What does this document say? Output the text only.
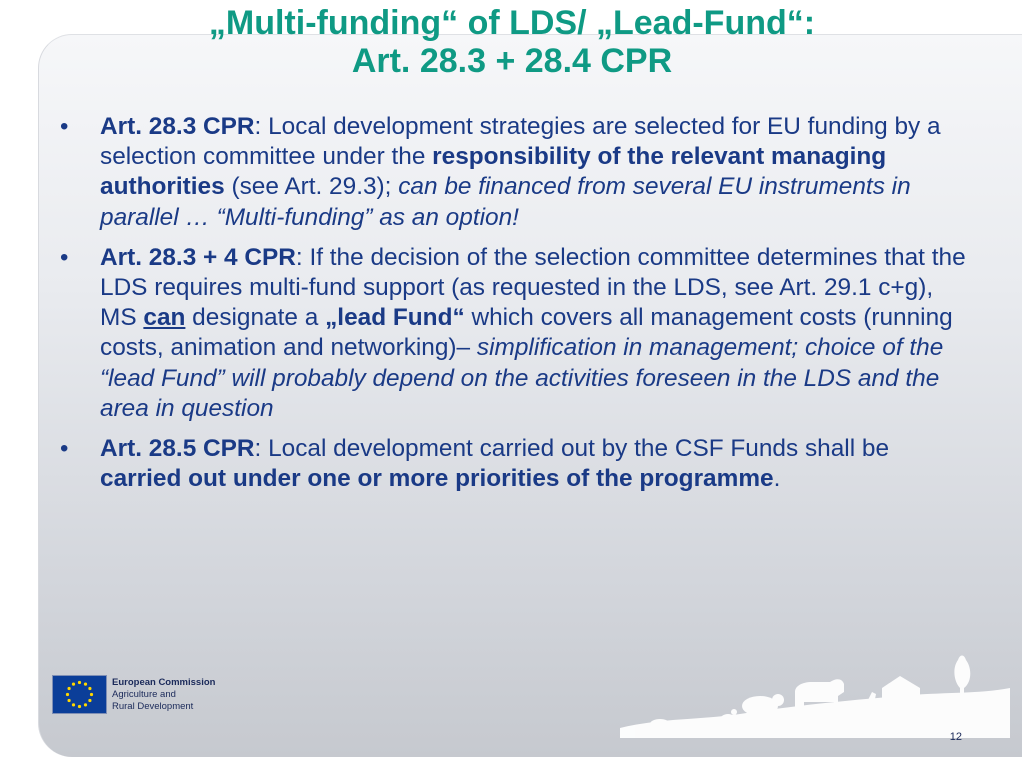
„Multi-funding“ of LDS/ „Lead-Fund“:
Art. 28.3 + 28.4 CPR
• Art. 28.3 CPR: Local development strategies are selected for EU funding by a selection committee under the responsibility of the relevant managing authorities (see Art. 29.3); can be financed from several EU instruments in parallel … “Multi-funding” as an option!
• Art. 28.3 + 4 CPR: If the decision of the selection committee determines that the LDS requires multi-fund support (as requested in the LDS, see Art. 29.1 c+g), MS can designate a „lead Fund“ which covers all management costs (running costs, animation and networking)– simplification in management; choice of the “lead Fund” will probably depend on the activities foreseen in the LDS and the area in question
• Art. 28.5 CPR: Local development carried out by the CSF Funds shall be carried out under one or more priorities of the programme.
European Commission
Agriculture and
Rural Development
12
